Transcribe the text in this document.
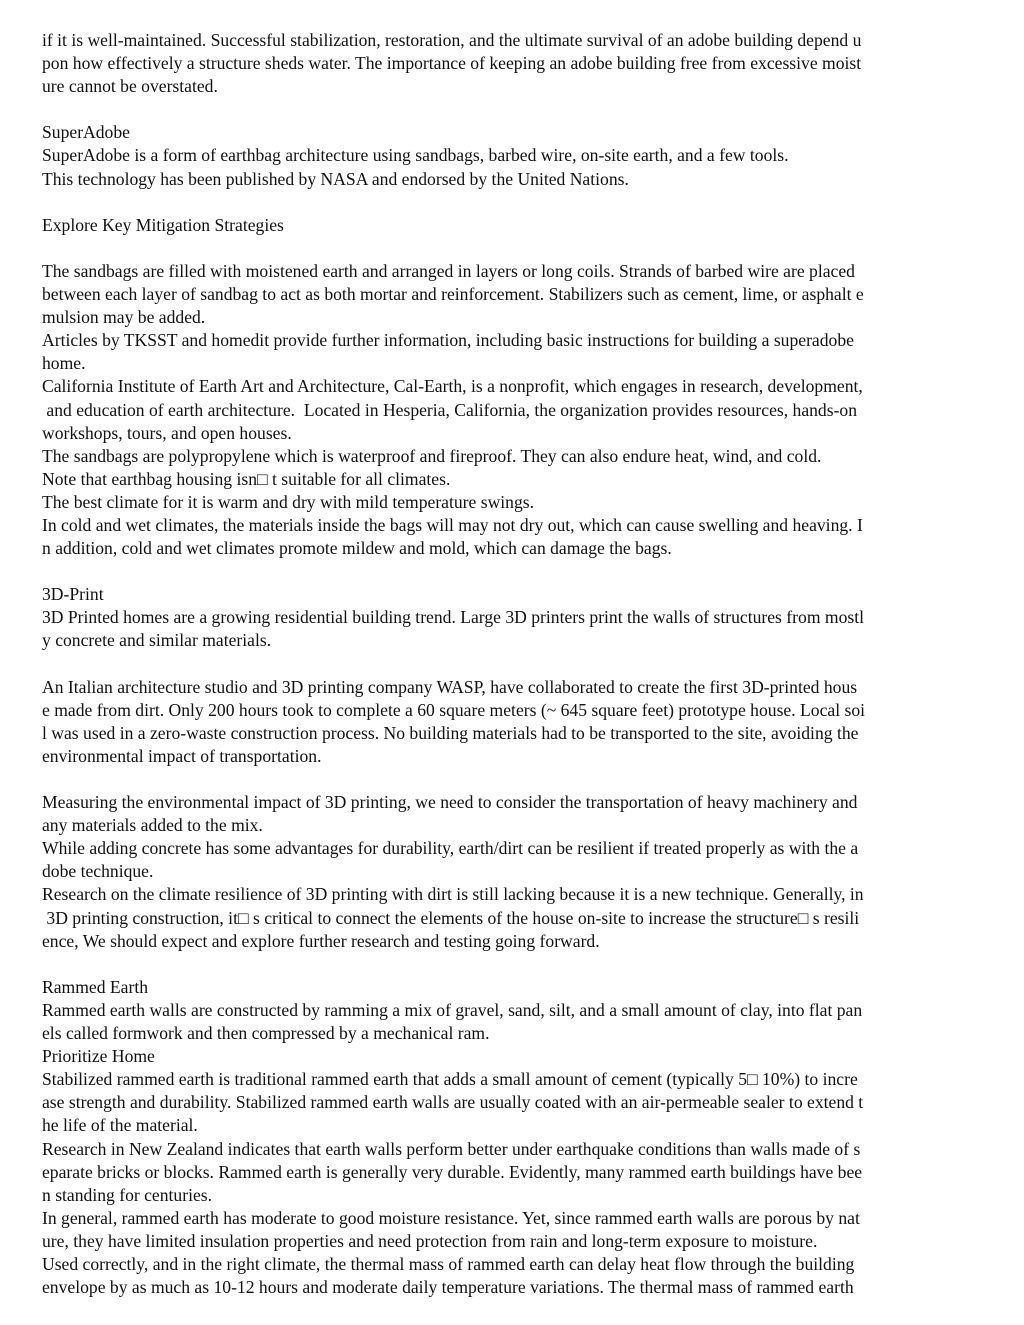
if it is well-maintained. Successful stabilization, restoration, and the ultimate survival of an adobe building depend u
pon how effectively a structure sheds water. The importance of keeping an adobe building free from excessive moist
ure cannot be overstated.
SuperAdobe
SuperAdobe is a form of earthbag architecture using sandbags, barbed wire, on-site earth, and a few tools.
This technology has been published by NASA and endorsed by the United Nations.
Explore Key Mitigation Strategies
The sandbags are filled with moistened earth and arranged in layers or long coils. Strands of barbed wire are placed
between each layer of sandbag to act as both mortar and reinforcement. Stabilizers such as cement, lime, or asphalt e
mulsion may be added.
Articles by TKSST and homedit provide further information, including basic instructions for building a superadobe
home.
California Institute of Earth Art and Architecture, Cal-Earth, is a nonprofit, which engages in research, development,
and education of earth architecture.  Located in Hesperia, California, the organization provides resources, hands-on
workshops, tours, and open houses.
The sandbags are polypropylene which is waterproof and fireproof. They can also endure heat, wind, and cold.
Note that earthbag housing isn□ t suitable for all climates.
The best climate for it is warm and dry with mild temperature swings.
In cold and wet climates, the materials inside the bags will may not dry out, which can cause swelling and heaving. I
n addition, cold and wet climates promote mildew and mold, which can damage the bags.
3D-Print
3D Printed homes are a growing residential building trend. Large 3D printers print the walls of structures from mostl
y concrete and similar materials.
An Italian architecture studio and 3D printing company WASP, have collaborated to create the first 3D-printed hous
e made from dirt. Only 200 hours took to complete a 60 square meters (~ 645 square feet) prototype house. Local soi
l was used in a zero-waste construction process. No building materials had to be transported to the site, avoiding the
environmental impact of transportation.
Measuring the environmental impact of 3D printing, we need to consider the transportation of heavy machinery and
any materials added to the mix.
While adding concrete has some advantages for durability, earth/dirt can be resilient if treated properly as with the a
dobe technique.
Research on the climate resilience of 3D printing with dirt is still lacking because it is a new technique. Generally, in
3D printing construction, it□ s critical to connect the elements of the house on-site to increase the structure□ s resili
ence, We should expect and explore further research and testing going forward.
Rammed Earth
Rammed earth walls are constructed by ramming a mix of gravel, sand, silt, and a small amount of clay, into flat pan
els called formwork and then compressed by a mechanical ram.
Prioritize Home
Stabilized rammed earth is traditional rammed earth that adds a small amount of cement (typically 5□ 10%) to incre
ase strength and durability. Stabilized rammed earth walls are usually coated with an air-permeable sealer to extend t
he life of the material.
Research in New Zealand indicates that earth walls perform better under earthquake conditions than walls made of s
eparate bricks or blocks. Rammed earth is generally very durable. Evidently, many rammed earth buildings have bee
n standing for centuries.
In general, rammed earth has moderate to good moisture resistance. Yet, since rammed earth walls are porous by nat
ure, they have limited insulation properties and need protection from rain and long-term exposure to moisture.
Used correctly, and in the right climate, the thermal mass of rammed earth can delay heat flow through the building
envelope by as much as 10-12 hours and moderate daily temperature variations. The thermal mass of rammed earth
